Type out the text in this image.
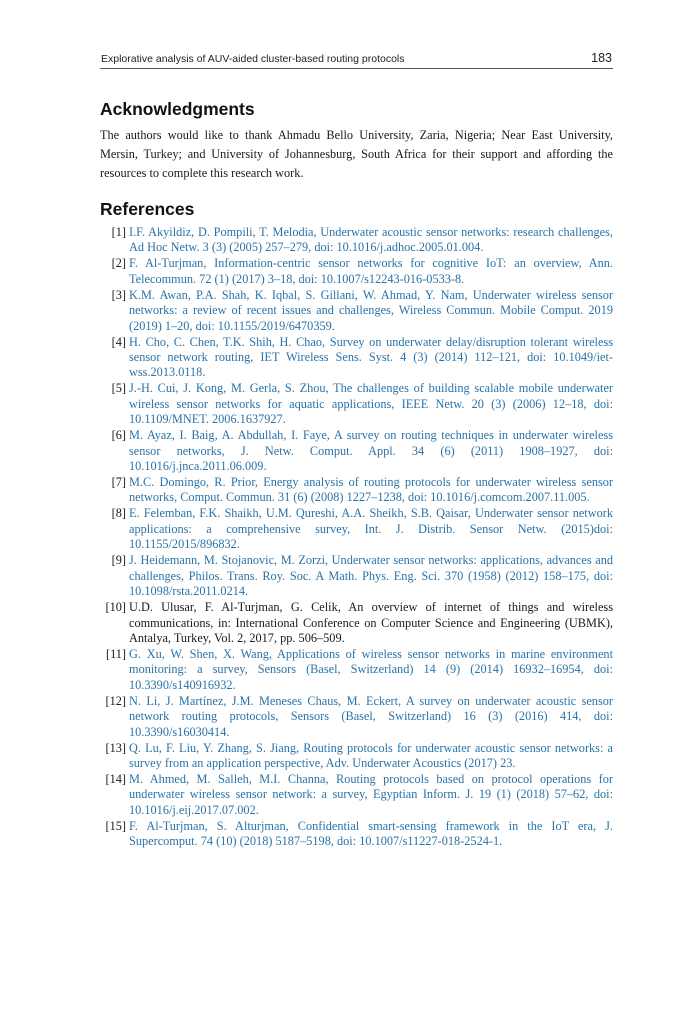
Explorative analysis of AUV-aided cluster-based routing protocols	183
Acknowledgments
The authors would like to thank Ahmadu Bello University, Zaria, Nigeria; Near East University, Mersin, Turkey; and University of Johannesburg, South Africa for their support and affording the resources to complete this research work.
References
[1] I.F. Akyildiz, D. Pompili, T. Melodia, Underwater acoustic sensor networks: research challenges, Ad Hoc Netw. 3 (3) (2005) 257–279, doi: 10.1016/j.adhoc.2005.01.004.
[2] F. Al-Turjman, Information-centric sensor networks for cognitive IoT: an overview, Ann. Telecommun. 72 (1) (2017) 3–18, doi: 10.1007/s12243-016-0533-8.
[3] K.M. Awan, P.A. Shah, K. Iqbal, S. Gillani, W. Ahmad, Y. Nam, Underwater wireless sensor networks: a review of recent issues and challenges, Wireless Commun. Mobile Comput. 2019 (2019) 1–20, doi: 10.1155/2019/6470359.
[4] H. Cho, C. Chen, T.K. Shih, H. Chao, Survey on underwater delay/disruption tolerant wireless sensor network routing, IET Wireless Sens. Syst. 4 (3) (2014) 112–121, doi: 10.1049/iet-wss.2013.0118.
[5] J.-H. Cui, J. Kong, M. Gerla, S. Zhou, The challenges of building scalable mobile underwater wireless sensor networks for aquatic applications, IEEE Netw. 20 (3) (2006) 12–18, doi: 10.1109/MNET. 2006.1637927.
[6] M. Ayaz, I. Baig, A. Abdullah, I. Faye, A survey on routing techniques in underwater wireless sensor networks, J. Netw. Comput. Appl. 34 (6) (2011) 1908–1927, doi: 10.1016/j.jnca.2011.06.009.
[7] M.C. Domingo, R. Prior, Energy analysis of routing protocols for underwater wireless sensor networks, Comput. Commun. 31 (6) (2008) 1227–1238, doi: 10.1016/j.comcom.2007.11.005.
[8] E. Felemban, F.K. Shaikh, U.M. Qureshi, A.A. Sheikh, S.B. Qaisar, Underwater sensor network applications: a comprehensive survey, Int. J. Distrib. Sensor Netw. (2015)doi: 10.1155/2015/896832.
[9] J. Heidemann, M. Stojanovic, M. Zorzi, Underwater sensor networks: applications, advances and challenges, Philos. Trans. Roy. Soc. A Math. Phys. Eng. Sci. 370 (1958) (2012) 158–175, doi: 10.1098/rsta.2011.0214.
[10] U.D. Ulusar, F. Al-Turjman, G. Celik, An overview of internet of things and wireless communications, in: International Conference on Computer Science and Engineering (UBMK), Antalya, Turkey, Vol. 2, 2017, pp. 506–509.
[11] G. Xu, W. Shen, X. Wang, Applications of wireless sensor networks in marine environment monitoring: a survey, Sensors (Basel, Switzerland) 14 (9) (2014) 16932–16954, doi: 10.3390/s140916932.
[12] N. Li, J. Martínez, J.M. Meneses Chaus, M. Eckert, A survey on underwater acoustic sensor network routing protocols, Sensors (Basel, Switzerland) 16 (3) (2016) 414, doi: 10.3390/s16030414.
[13] Q. Lu, F. Liu, Y. Zhang, S. Jiang, Routing protocols for underwater acoustic sensor networks: a survey from an application perspective, Adv. Underwater Acoustics (2017) 23.
[14] M. Ahmed, M. Salleh, M.I. Channa, Routing protocols based on protocol operations for underwater wireless sensor network: a survey, Egyptian Inform. J. 19 (1) (2018) 57–62, doi: 10.1016/j.eij.2017.07.002.
[15] F. Al-Turjman, S. Alturjman, Confidential smart-sensing framework in the IoT era, J. Supercomput. 74 (10) (2018) 5187–5198, doi: 10.1007/s11227-018-2524-1.
